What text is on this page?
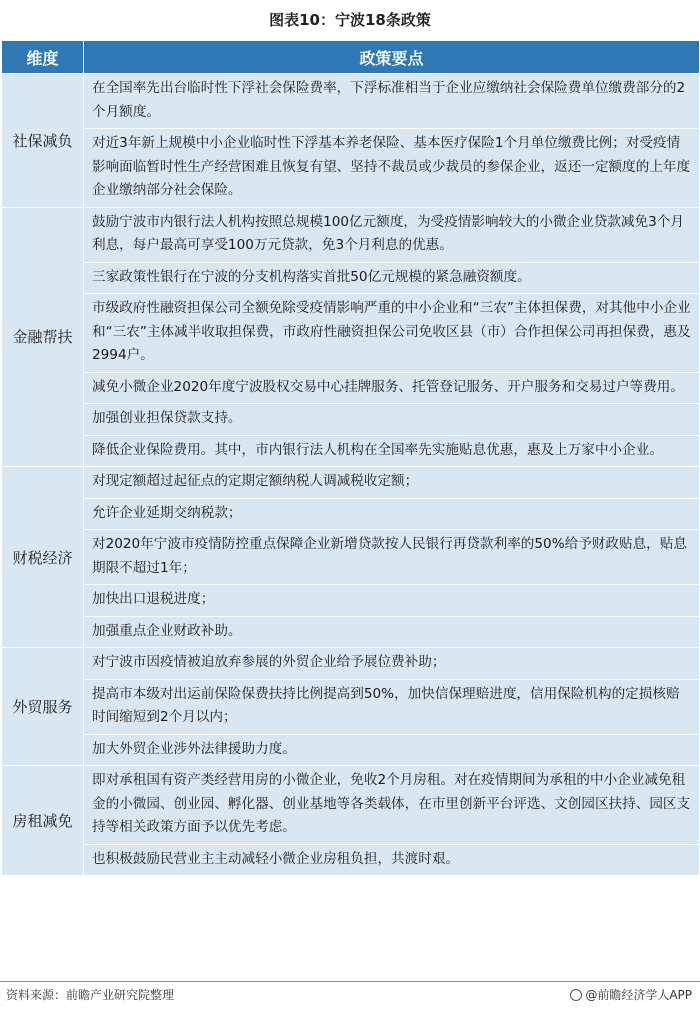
图表10：宁波18条政策
维度	政策要点
社保减负	在全国率先出台临时性下浮社会保险费率，下浮标准相当于企业应缴纳社会保险费单位缴费部分的2个月额度。
	对近3年新上规模中小企业临时性下浮基本养老保险、基本医疗保险1个月单位缴费比例；对受疫情影响面临暂时性生产经营困难且恢复有望、坚持不裁员或少裁员的参保企业，返还一定额度的上年度企业缴纳部分社会保险。
金融帮扶	鼓励宁波市内银行法人机构按照总规模100亿元额度，为受疫情影响较大的小微企业贷款减免3个月利息，每户最高可享受100万元贷款，免3个月利息的优惠。
	三家政策性银行在宁波的分支机构落实首批50亿元规模的紧急融资额度。
	市级政府性融资担保公司全额免除受疫情影响严重的中小企业和“三农”主体担保费，对其他中小企业和“三农”主体减半收取担保费，市政府性融资担保公司免收区县（市）合作担保公司再担保费，惠及2994户。
	减免小微企业2020年度宁波股权交易中心挂牌服务、托管登记服务、开户服务和交易过户等费用。
	加强创业担保贷款支持。
	降低企业保险费用。其中，市内银行法人机构在全国率先实施贴息优惠，惠及上万家中小企业。
财税经济	对现定额超过起征点的定期定额纳税人调减税收定额；
	允许企业延期交纳税款；
	对2020年宁波市疫情防控重点保障企业新增贷款按人民银行再贷款利率的50%给予财政贴息，贴息期限不超过1年；
	加快出口退税进度；
	加强重点企业财政补助。
外贸服务	对宁波市因疫情被迫放弃参展的外贸企业给予展位费补助；
	提高市本级对出运前保险保费扶持比例提高到50%，加快信保理赔进度，信用保险机构的定损核赔时间缩短到2个月以内；
	加大外贸企业涉外法律援助力度。
房租减免	即对承租国有资产类经营用房的小微企业，免收2个月房租。对在疫情期间为承租的中小企业减免租金的小微园、创业园、孵化器、创业基地等各类载体，在市里创新平台评选、文创园区扶持、园区支持等相关政策方面予以优先考虑。
	也积极鼓励民营业主主动减轻小微企业房租负担，共渡时艰。
资料来源：前瞻产业研究院整理	@前瞻经济学人APP
